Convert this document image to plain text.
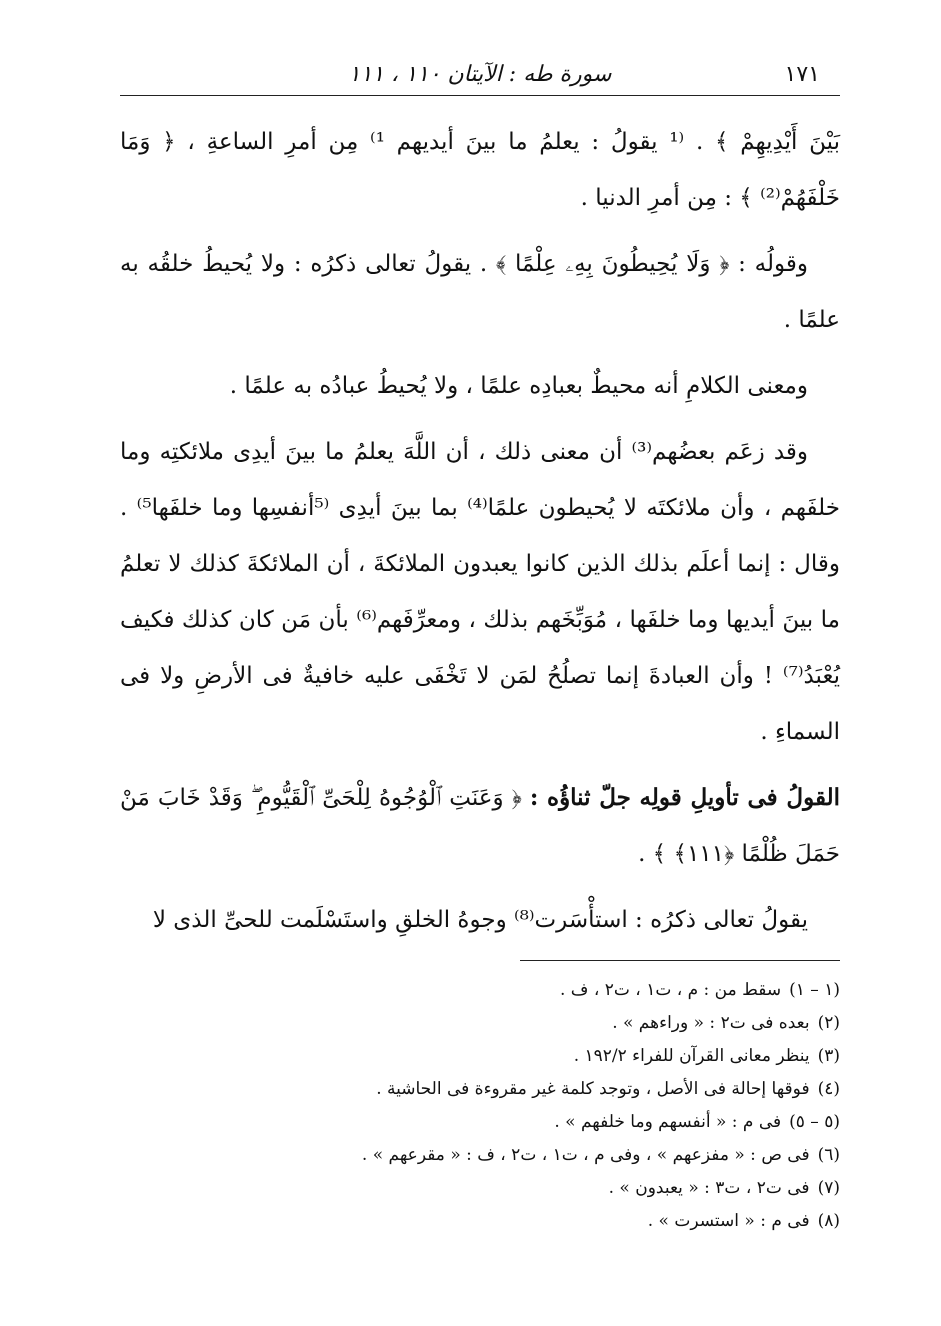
١٧١
سورة طه : الآيتان ١١٠ ، ١١١

بَيْنَ أَيْدِيهِمْ ﴾ . ⁽¹ يقولُ : يعلمُ ما بينَ أيديهم ¹⁾ مِن أمرِ الساعةِ ، ﴿ وَمَا خَلْفَهُمْ⁽²⁾ ﴾ : مِن أمرِ الدنيا .

وقولُه : ﴿ وَلَا يُحِيطُونَ بِهِۦ عِلْمًا ﴾ . يقولُ تعالى ذكرُه : ولا يُحيطُ خلقُه به علمًا .

ومعنى الكلامِ أنه محيطٌ بعبادِه علمًا ، ولا يُحيطُ عبادُه به علمًا .

وقد زعَم بعضُهم⁽³⁾ أن معنى ذلك ، أن اللَّهَ يعلمُ ما بينَ أيدِى ملائكتِه وما خلفَهم ، وأن ملائكتَه لا يُحيطون علمًا⁽⁴⁾ بما بينَ أيدِى ⁽⁵أنفسِها وما خلفَها⁵⁾ . وقال : إنما أعلَم بذلك الذين كانوا يعبدون الملائكةَ ، أن الملائكةَ كذلك لا تعلمُ ما بينَ أيديها وما خلفَها ، مُوَبِّخَهم بذلك ، ومعرِّفَهم⁽⁶⁾ بأن مَن كان كذلك فكيف يُعْبَدُ⁽⁷⁾ ! وأن العبادةَ إنما تصلُحُ لمَن لا تَخْفَى عليه خافيةٌ فى الأرضِ ولا فى السماءِ .

القولُ فى تأويلِ قولِه جلّ ثناؤُه : ﴿ وَعَنَتِ ٱلْوُجُوهُ لِلْحَىِّ ٱلْقَيُّومِ ۖ وَقَدْ خَابَ مَنْ حَمَلَ ظُلْمًا ﴿١١١﴾ ﴾ .

يقولُ تعالى ذكرُه : استأْسَرت⁽⁸⁾ وجوهُ الخلقِ واستَسْلَمت للحىِّ الذى لا

(١ – ١)سقط من : م ، ت١ ، ت٢ ، ف .
(٢)بعده فى ت٢ : « وراءهم » .
(٣)ينظر معانى القرآن للفراء ١٩٢/٢ .
(٤)فوقها إحالة فى الأصل ، وتوجد كلمة غير مقروءة فى الحاشية .
(٥ – ٥)فى م : « أنفسهم وما خلفهم » .
(٦)فى ص : « مفزعهم » ، وفى م ، ت١ ، ت٢ ، ف : « مقرعهم » .
(٧)فى ت٢ ، ت٣ : « يعبدون » .
(٨)فى م : « استسرت » .
